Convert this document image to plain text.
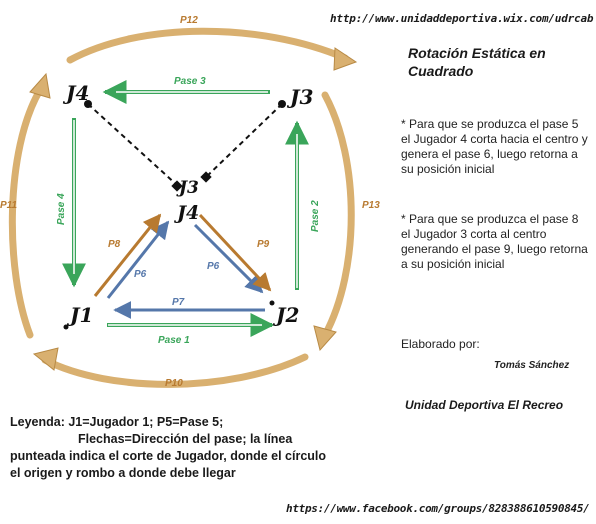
http://www.unidaddeportiva.wix.com/udrcab
Rotación Estática en Cuadrado
* Para que se produzca el pase 5 el Jugador 4 corta hacia el centro y genera el pase 6, luego retorna a su posición inicial
* Para que se produzca el pase 8 el Jugador 3 corta al centro generando el pase 9, luego retorna a su posición inicial
Elaborado por:
Tomás Sánchez
Unidad Deportiva El Recreo
Leyenda: J1=Jugador 1; P5=Pase 5;
Flechas=Dirección del pase; la línea punteada indica el corte de Jugador, donde el círculo el origen y rombo a donde debe llegar
https://www.facebook.com/groups/828388610590845/
J4	J3
J1	J2
J3
J4
Pase 1
Pase 3
Pase 2
Pase 4
P7
P6
P6
P8	P9
P12
P13
P10
P11
